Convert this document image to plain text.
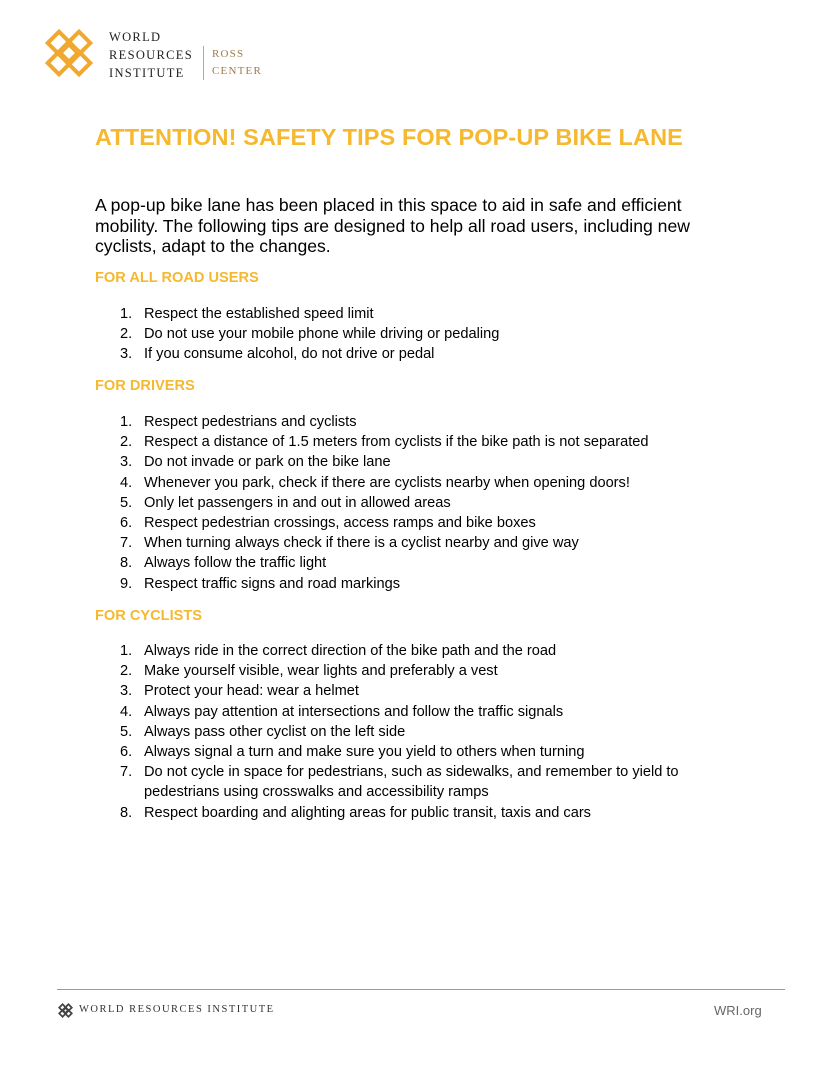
WORLD
RESOURCES
INSTITUTE
ROSS
CENTER
ATTENTION! SAFETY TIPS FOR POP-UP BIKE LANE
A pop-up bike lane has been placed in this space to aid in safe and efficient mobility. The following tips are designed to help all road users, including new cyclists, adapt to the changes.
FOR ALL ROAD USERS
1. Respect the established speed limit
2. Do not use your mobile phone while driving or pedaling
3. If you consume alcohol, do not drive or pedal
FOR DRIVERS
1. Respect pedestrians and cyclists
2. Respect a distance of 1.5 meters from cyclists if the bike path is not separated
3. Do not invade or park on the bike lane
4. Whenever you park, check if there are cyclists nearby when opening doors!
5. Only let passengers in and out in allowed areas
6. Respect pedestrian crossings, access ramps and bike boxes
7. When turning always check if there is a cyclist nearby and give way
8. Always follow the traffic light
9. Respect traffic signs and road markings
FOR CYCLISTS
1. Always ride in the correct direction of the bike path and the road
2. Make yourself visible, wear lights and preferably a vest
3. Protect your head: wear a helmet
4. Always pay attention at intersections and follow the traffic signals
5. Always pass other cyclist on the left side
6. Always signal a turn and make sure you yield to others when turning
7. Do not cycle in space for pedestrians, such as sidewalks, and remember to yield to pedestrians using crosswalks and accessibility ramps
8. Respect boarding and alighting areas for public transit, taxis and cars
WORLD RESOURCES INSTITUTE	WRI.org
